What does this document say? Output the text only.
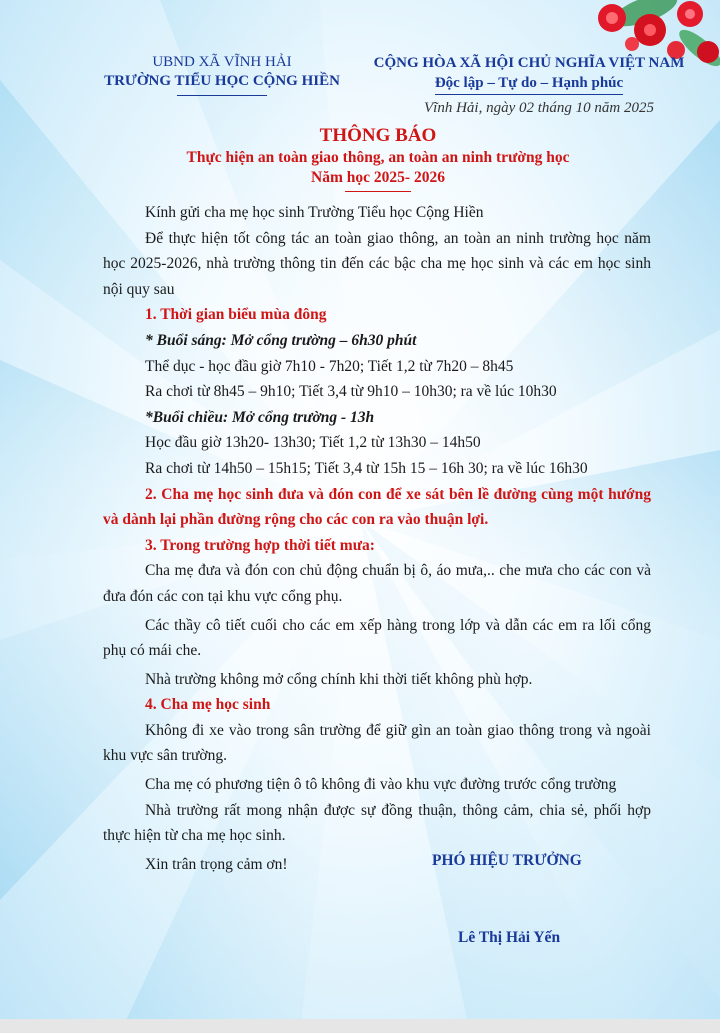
UBND XÃ VĨNH HẢI
TRƯỜNG TIỂU HỌC CỘNG HIỀN
CỘNG HÒA XÃ HỘI CHỦ NGHĨA VIỆT NAM
Độc lập – Tự do – Hạnh phúc
Vĩnh Hải, ngày 02 tháng 10 năm 2025
THÔNG BÁO
Thực hiện an toàn giao thông, an toàn an ninh trường học
Năm học 2025- 2026
Kính gửi cha mẹ học sinh Trường Tiểu học Cộng Hiền
Để thực hiện tốt công tác an toàn giao thông, an toàn an ninh trường học năm học 2025-2026, nhà trường thông tin đến các bậc cha mẹ học sinh và các em học sinh nội quy sau
1. Thời gian biểu mùa đông
* Buổi sáng: Mở cổng trường – 6h30 phút
Thể dục - học đầu giờ 7h10 - 7h20; Tiết 1,2 từ 7h20 – 8h45
Ra chơi từ 8h45 – 9h10; Tiết 3,4 từ 9h10 – 10h30; ra về lúc 10h30
*Buổi chiều: Mở cổng trường - 13h
Học đầu giờ 13h20- 13h30; Tiết 1,2 từ 13h30 – 14h50
Ra chơi từ 14h50 – 15h15; Tiết 3,4 từ 15h 15 – 16h 30; ra về lúc 16h30
2. Cha mẹ học sinh đưa và đón con để xe sát bên lề đường cùng một hướng và dành lại phần đường rộng cho các con ra vào thuận lợi.
3. Trong trường hợp thời tiết mưa:
Cha mẹ đưa và đón con chủ động chuẩn bị ô, áo mưa,.. che mưa cho các con và đưa đón các con tại khu vực cổng phụ.
Các thầy cô tiết cuối cho các em xếp hàng trong lớp và dẫn các em ra lối cổng phụ có mái che.
Nhà trường không mở cổng chính khi thời tiết không phù hợp.
4. Cha mẹ học sinh
Không đi xe vào trong sân trường để giữ gìn an toàn giao thông trong và ngoài khu vực sân trường.
Cha mẹ có phương tiện ô tô không đi vào khu vực đường trước cổng trường
Nhà trường rất mong nhận được sự đồng thuận, thông cảm, chia sẻ, phối hợp thực hiện từ cha mẹ học sinh.
Xin trân trọng cảm ơn!	PHÓ HIỆU TRƯỞNG
Lê Thị Hải Yến
